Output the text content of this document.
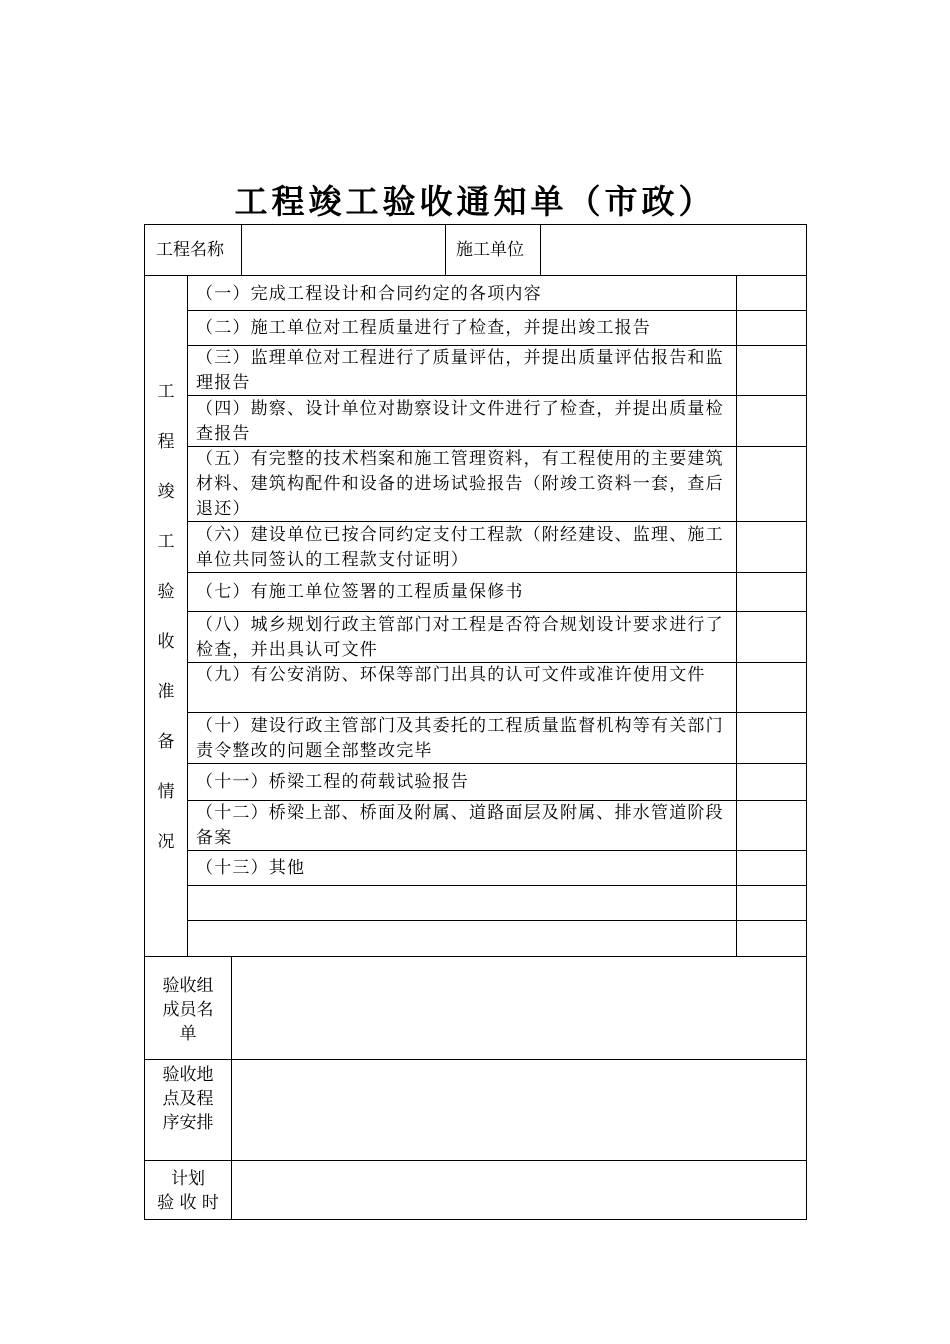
工程竣工验收通知单（市政）
工程名称	施工单位
工
程
竣
工
验
收
准
备
情
况
（一）完成工程设计和合同约定的各项内容
（二）施工单位对工程质量进行了检查，并提出竣工报告
（三）监理单位对工程进行了质量评估，并提出质量评估报告和监理报告
（四）勘察、设计单位对勘察设计文件进行了检查，并提出质量检查报告
（五）有完整的技术档案和施工管理资料，有工程使用的主要建筑材料、建筑构配件和设备的进场试验报告（附竣工资料一套，查后退还）
（六）建设单位已按合同约定支付工程款（附经建设、监理、施工单位共同签认的工程款支付证明）
（七）有施工单位签署的工程质量保修书
（八）城乡规划行政主管部门对工程是否符合规划设计要求进行了检查，并出具认可文件
（九）有公安消防、环保等部门出具的认可文件或准许使用文件
（十）建设行政主管部门及其委托的工程质量监督机构等有关部门责令整改的问题全部整改完毕
（十一）桥梁工程的荷载试验报告
（十二）桥梁上部、桥面及附属、道路面层及附属、排水管道阶段备案
（十三）其他
验收组成员名单
验收地点及程序安排
计划
验 收 时
